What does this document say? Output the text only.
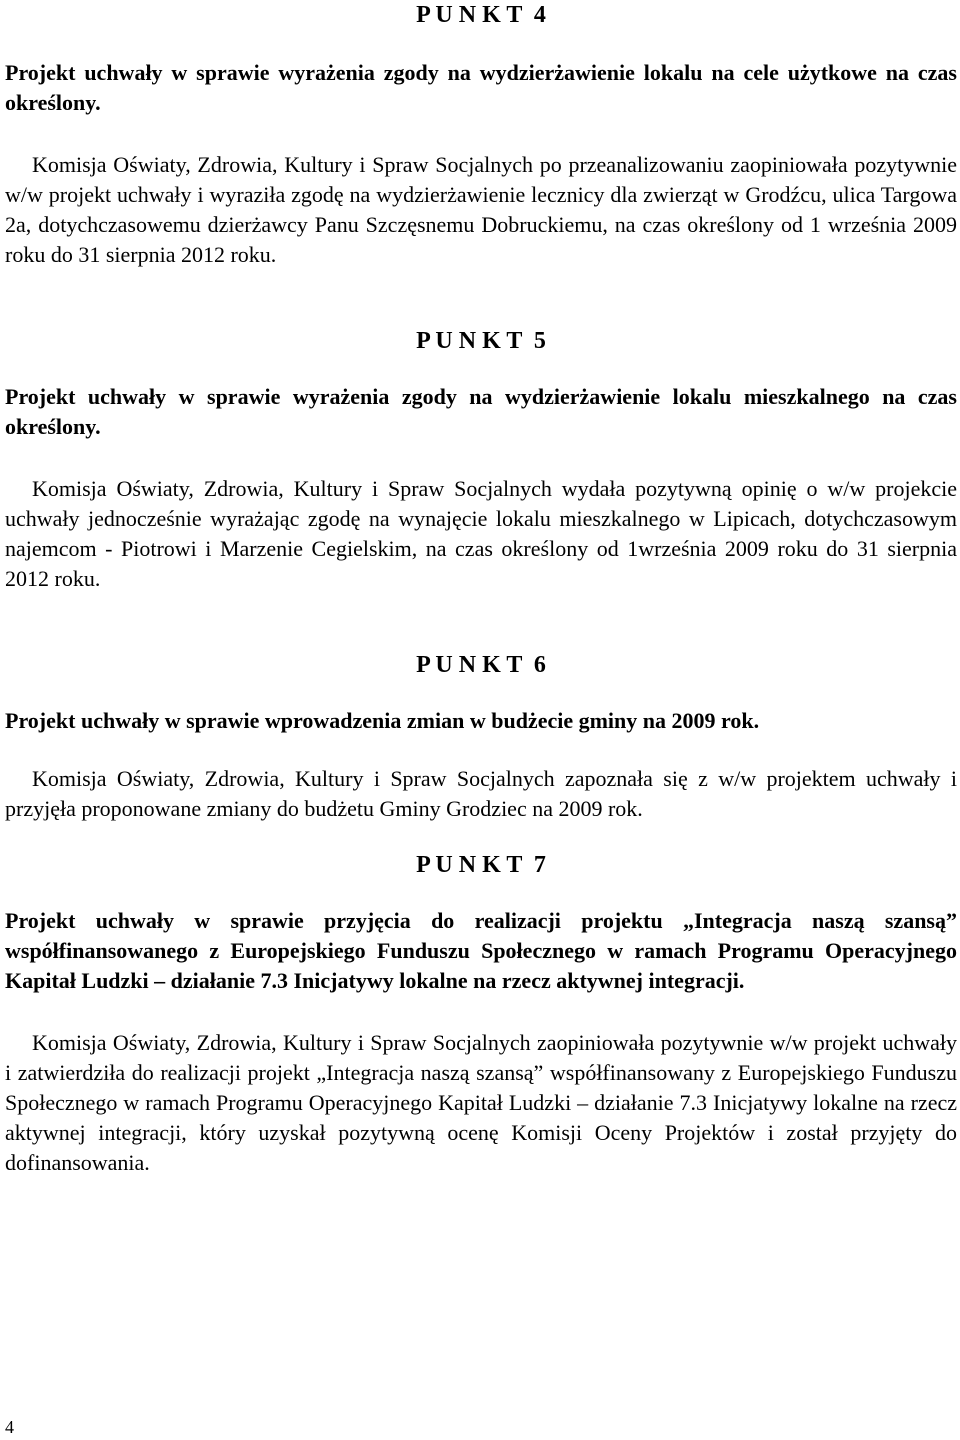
P U N K T  4

Projekt uchwały w sprawie wyrażenia zgody na wydzierżawienie lokalu na cele użytkowe na czas określony.

Komisja Oświaty, Zdrowia, Kultury i Spraw Socjalnych po przeanalizowaniu zaopiniowała pozytywnie w/w projekt uchwały i wyraziła zgodę na wydzierżawienie lecznicy dla zwierząt w Grodźcu, ulica Targowa 2a, dotychczasowemu dzierżawcy Panu Szczęsnemu Dobruckiemu, na czas określony od 1 września 2009 roku do 31 sierpnia 2012 roku.

P U N K T  5

Projekt uchwały w sprawie wyrażenia zgody na wydzierżawienie lokalu mieszkalnego na czas określony.

Komisja Oświaty, Zdrowia, Kultury i Spraw Socjalnych wydała pozytywną opinię o w/w projekcie uchwały jednocześnie wyrażając zgodę na wynajęcie lokalu mieszkalnego w Lipicach, dotychczasowym najemcom - Piotrowi i Marzenie Cegielskim, na czas określony od 1września 2009 roku do 31 sierpnia 2012 roku.

P U N K T  6

Projekt uchwały w sprawie wprowadzenia zmian w budżecie gminy na 2009 rok.

Komisja Oświaty, Zdrowia, Kultury i Spraw Socjalnych zapoznała się z w/w projektem uchwały i przyjęła proponowane zmiany do budżetu Gminy Grodziec na 2009 rok.

P U N K T  7

Projekt uchwały w sprawie przyjęcia do realizacji projektu „Integracja naszą szansą” współfinansowanego z Europejskiego Funduszu Społecznego w ramach Programu Operacyjnego Kapitał Ludzki – działanie 7.3 Inicjatywy lokalne na rzecz aktywnej integracji.

Komisja Oświaty, Zdrowia, Kultury i Spraw Socjalnych zaopiniowała pozytywnie w/w projekt uchwały i zatwierdziła do realizacji projekt „Integracja naszą szansą” współfinansowany z Europejskiego Funduszu Społecznego w ramach Programu Operacyjnego Kapitał Ludzki – działanie 7.3 Inicjatywy lokalne na rzecz aktywnej integracji, który uzyskał pozytywną ocenę Komisji Oceny Projektów i został przyjęty do dofinansowania.

4
